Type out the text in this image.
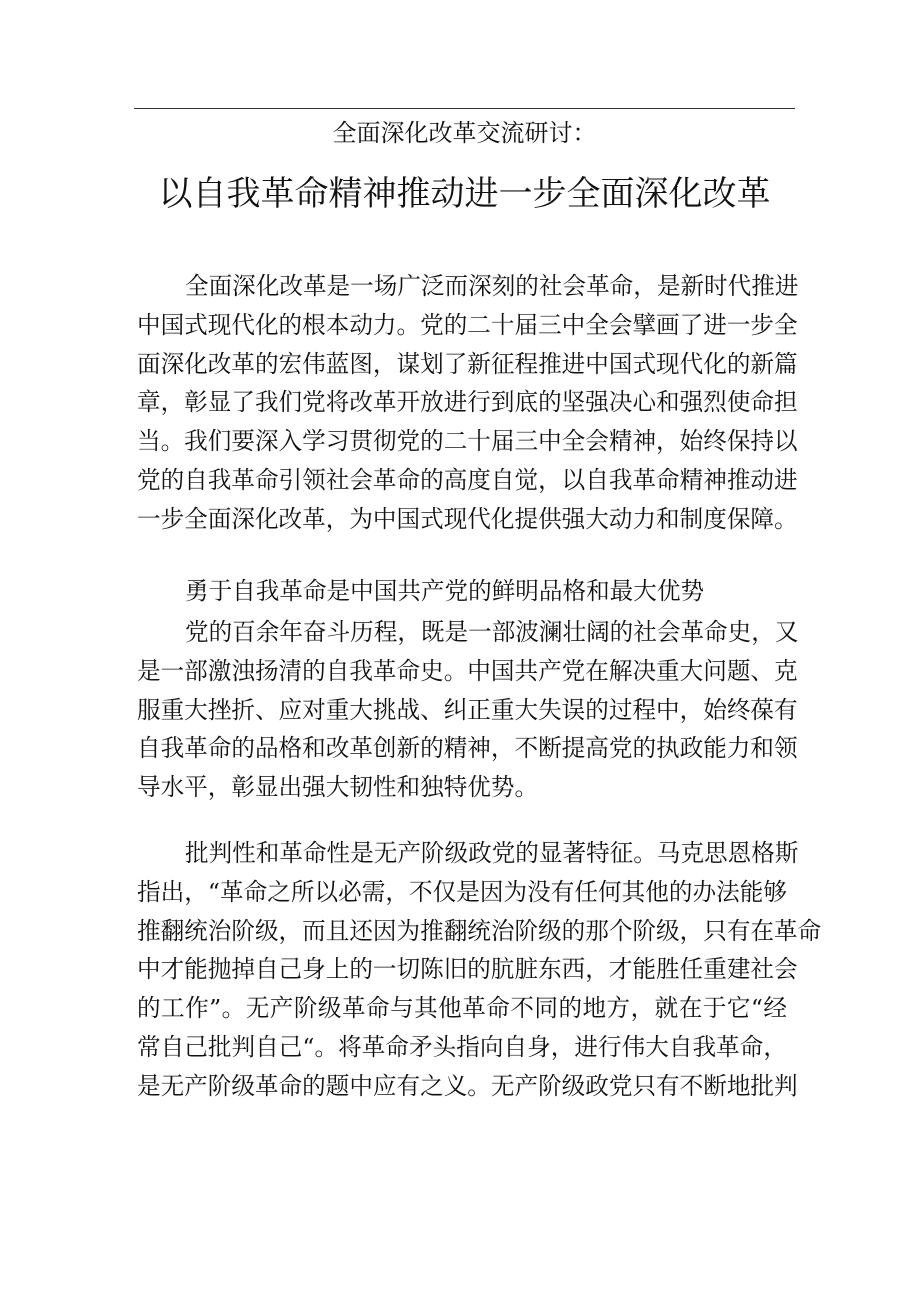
全面深化改革交流研讨：
以自我革命精神推动进一步全面深化改革
全面深化改革是一场广泛而深刻的社会革命，是新时代推进
中国式现代化的根本动力。党的二十届三中全会擘画了进一步全
面深化改革的宏伟蓝图，谋划了新征程推进中国式现代化的新篇
章，彰显了我们党将改革开放进行到底的坚强决心和强烈使命担
当。我们要深入学习贯彻党的二十届三中全会精神，始终保持以
党的自我革命引领社会革命的高度自觉，以自我革命精神推动进
一步全面深化改革，为中国式现代化提供强大动力和制度保障。
勇于自我革命是中国共产党的鲜明品格和最大优势
党的百余年奋斗历程，既是一部波澜壮阔的社会革命史，又
是一部激浊扬清的自我革命史。中国共产党在解决重大问题、克
服重大挫折、应对重大挑战、纠正重大失误的过程中，始终葆有
自我革命的品格和改革创新的精神，不断提高党的执政能力和领
导水平，彰显出强大韧性和独特优势。
批判性和革命性是无产阶级政党的显著特征。马克思恩格斯
指出，“革命之所以必需，不仅是因为没有任何其他的办法能够
推翻统治阶级，而且还因为推翻统治阶级的那个阶级，只有在革命
中才能抛掉自己身上的一切陈旧的肮脏东西，才能胜任重建社会
的工作”。无产阶级革命与其他革命不同的地方，就在于它“经
常自己批判自己“。将革命矛头指向自身，进行伟大自我革命，
是无产阶级革命的题中应有之义。无产阶级政党只有不断地批判
